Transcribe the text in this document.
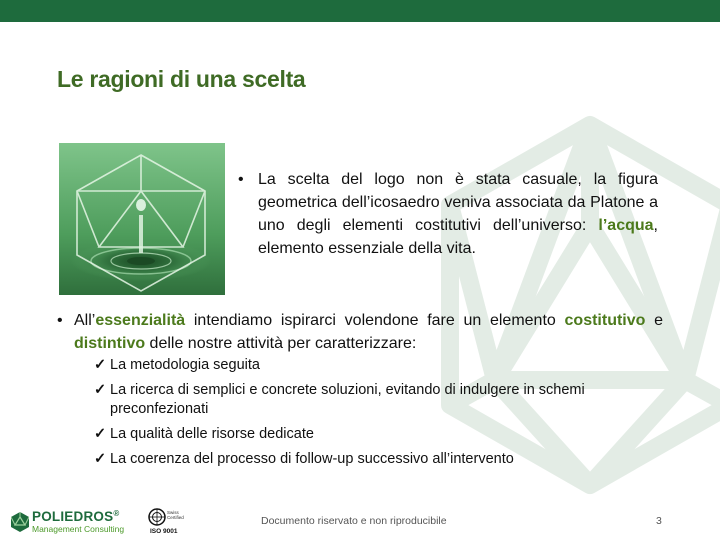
Le ragioni di una scelta
• La scelta del logo non è stata casuale, la figura geometrica dell’icosaedro veniva associata da Platone a uno degli elementi costitutivi dell’universo: l’acqua, elemento essenziale della vita.
• All’essenzialità intendiamo ispirarci volendone fare un elemento costitutivo e distintivo delle nostre attività per caratterizzare:
✓ La metodologia seguita
✓ La ricerca di semplici e concrete soluzioni, evitando di indulgere in schemi preconfezionati
✓ La qualità delle risorse dedicate
✓ La coerenza del processo di follow-up successivo all’intervento
POLIEDROS®
Management Consulting
Swiss
Certified
ISO 9001
Documento riservato e non riproducibile	3
